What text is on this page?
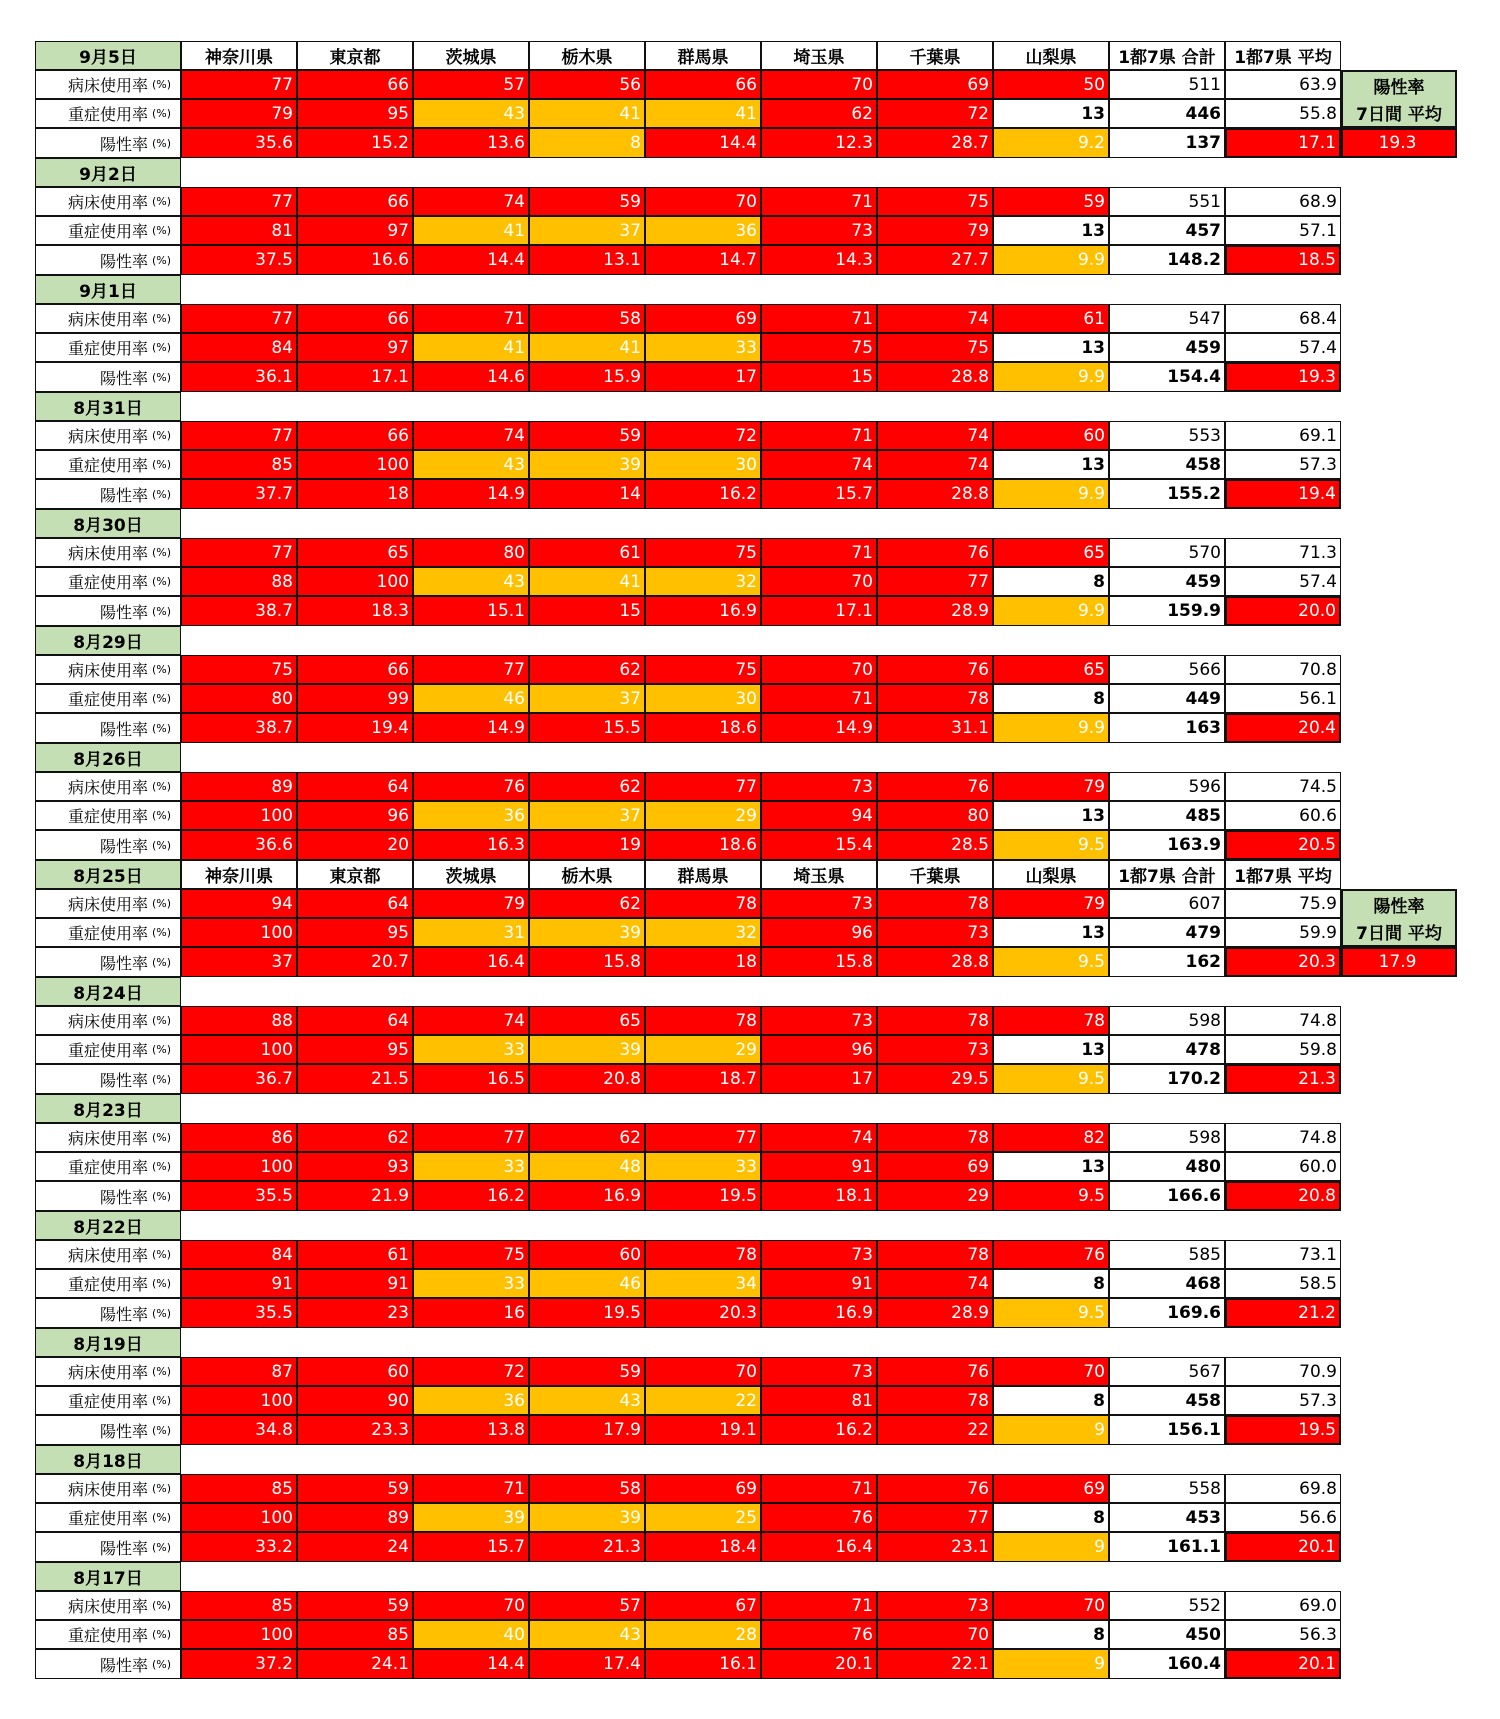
9月5日	神奈川県	東京都	茨城県	栃木県	群馬県	埼玉県	千葉県	山梨県	1都7県 合計	1都7県 平均
病床使用率 (%)	77	66	57	56	66	70	69	50	511	63.9	陽性率
重症使用率 (%)	79	95	43	41	41	62	72	13	446	55.8	7日間 平均
陽性率 (%)	35.6	15.2	13.6	8	14.4	12.3	28.7	9.2	137	17.1	19.3
9月2日
病床使用率 (%)	77	66	74	59	70	71	75	59	551	68.9
重症使用率 (%)	81	97	41	37	36	73	79	13	457	57.1
陽性率 (%)	37.5	16.6	14.4	13.1	14.7	14.3	27.7	9.9	148.2	18.5
9月1日
病床使用率 (%)	77	66	71	58	69	71	74	61	547	68.4
重症使用率 (%)	84	97	41	41	33	75	75	13	459	57.4
陽性率 (%)	36.1	17.1	14.6	15.9	17	15	28.8	9.9	154.4	19.3
8月31日
病床使用率 (%)	77	66	74	59	72	71	74	60	553	69.1
重症使用率 (%)	85	100	43	39	30	74	74	13	458	57.3
陽性率 (%)	37.7	18	14.9	14	16.2	15.7	28.8	9.9	155.2	19.4
8月30日
病床使用率 (%)	77	65	80	61	75	71	76	65	570	71.3
重症使用率 (%)	88	100	43	41	32	70	77	8	459	57.4
陽性率 (%)	38.7	18.3	15.1	15	16.9	17.1	28.9	9.9	159.9	20.0
8月29日
病床使用率 (%)	75	66	77	62	75	70	76	65	566	70.8
重症使用率 (%)	80	99	46	37	30	71	78	8	449	56.1
陽性率 (%)	38.7	19.4	14.9	15.5	18.6	14.9	31.1	9.9	163	20.4
8月26日
病床使用率 (%)	89	64	76	62	77	73	76	79	596	74.5
重症使用率 (%)	100	96	36	37	29	94	80	13	485	60.6
陽性率 (%)	36.6	20	16.3	19	18.6	15.4	28.5	9.5	163.9	20.5
8月25日	神奈川県	東京都	茨城県	栃木県	群馬県	埼玉県	千葉県	山梨県	1都7県 合計	1都7県 平均
病床使用率 (%)	94	64	79	62	78	73	78	79	607	75.9	陽性率
重症使用率 (%)	100	95	31	39	32	96	73	13	479	59.9	7日間 平均
陽性率 (%)	37	20.7	16.4	15.8	18	15.8	28.8	9.5	162	20.3	17.9
8月24日
病床使用率 (%)	88	64	74	65	78	73	78	78	598	74.8
重症使用率 (%)	100	95	33	39	29	96	73	13	478	59.8
陽性率 (%)	36.7	21.5	16.5	20.8	18.7	17	29.5	9.5	170.2	21.3
8月23日
病床使用率 (%)	86	62	77	62	77	74	78	82	598	74.8
重症使用率 (%)	100	93	33	48	33	91	69	13	480	60.0
陽性率 (%)	35.5	21.9	16.2	16.9	19.5	18.1	29	9.5	166.6	20.8
8月22日
病床使用率 (%)	84	61	75	60	78	73	78	76	585	73.1
重症使用率 (%)	91	91	33	46	34	91	74	8	468	58.5
陽性率 (%)	35.5	23	16	19.5	20.3	16.9	28.9	9.5	169.6	21.2
8月19日
病床使用率 (%)	87	60	72	59	70	73	76	70	567	70.9
重症使用率 (%)	100	90	36	43	22	81	78	8	458	57.3
陽性率 (%)	34.8	23.3	13.8	17.9	19.1	16.2	22	9	156.1	19.5
8月18日
病床使用率 (%)	85	59	71	58	69	71	76	69	558	69.8
重症使用率 (%)	100	89	39	39	25	76	77	8	453	56.6
陽性率 (%)	33.2	24	15.7	21.3	18.4	16.4	23.1	9	161.1	20.1
8月17日
病床使用率 (%)	85	59	70	57	67	71	73	70	552	69.0
重症使用率 (%)	100	85	40	43	28	76	70	8	450	56.3
陽性率 (%)	37.2	24.1	14.4	17.4	16.1	20.1	22.1	9	160.4	20.1
